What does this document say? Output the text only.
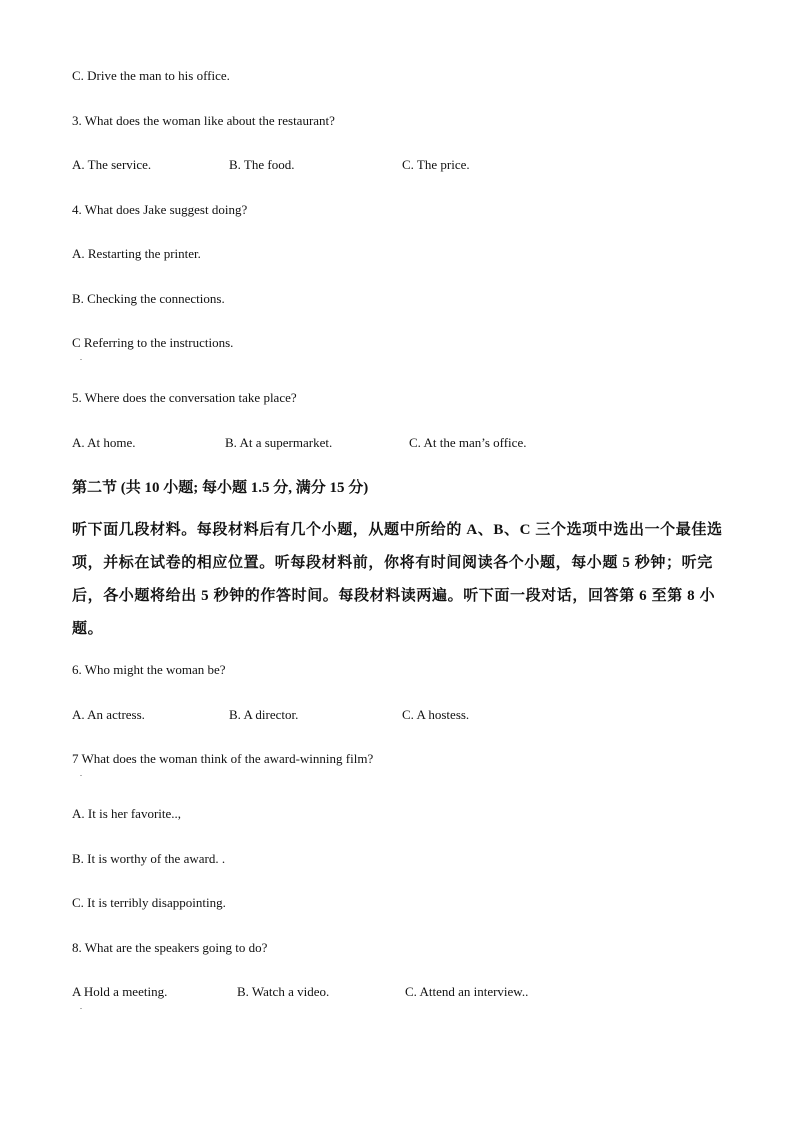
C. Drive the man to his office.
3. What does the woman like about the restaurant?
A. The service.	B. The food.	C. The price.
4. What does Jake suggest doing?
A. Restarting the printer.
B. Checking the connections.
C Referring to the instructions.
.
5. Where does the conversation take place?
A. At home.	B. At a supermarket.	C. At the man’s office.
第二节 (共 10 小题; 每小题 1.5 分, 满分 15 分)

听下面几段材料。每段材料后有几个小题，从题中所给的 A、B、C 三个选项中选出一个最佳选项，并标在试卷的相应位置。听每段材料前，你将有时间阅读各个小题，每小题 5 秒钟；听完后，各小题将给出 5 秒钟的作答时间。每段材料读两遍。听下面一段对话，回答第 6 至第 8 小题。

6. Who might the woman be?
A. An actress.	B. A director.	C. A hostess.
7 What does the woman think of the award-winning film?
.
A. It is her favorite..,
B. It is worthy of the award. .
C. It is terribly disappointing.
8. What are the speakers going to do?
A Hold a meeting.	B. Watch a video.	C. Attend an interview..
.
